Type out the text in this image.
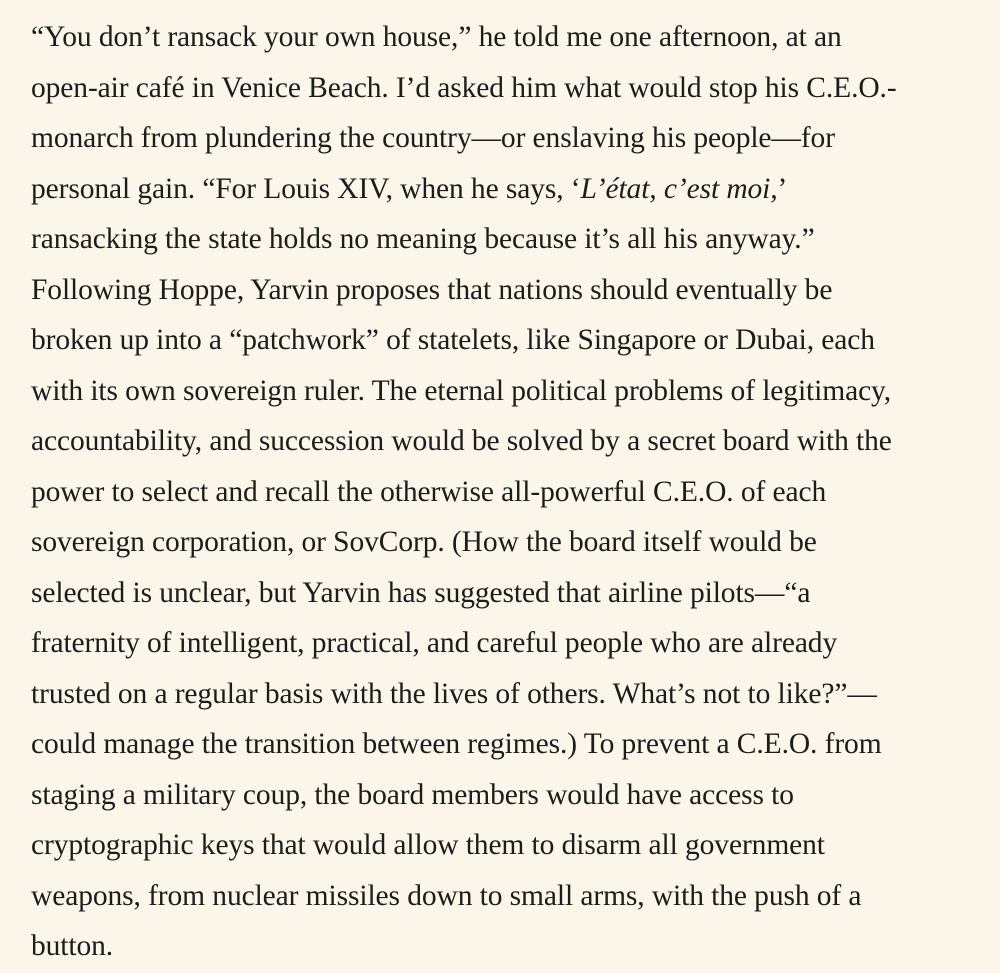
“You don’t ransack your own house,” he told me one afternoon, at an
open-air café in Venice Beach. I’d asked him what would stop his C.E.O.-
monarch from plundering the country—or enslaving his people—for
personal gain. “For Louis XIV, when he says, ‘L’état, c’est moi,’
ransacking the state holds no meaning because it’s all his anyway.”
Following Hoppe, Yarvin proposes that nations should eventually be
broken up into a “patchwork” of statelets, like Singapore or Dubai, each
with its own sovereign ruler. The eternal political problems of legitimacy,
accountability, and succession would be solved by a secret board with the
power to select and recall the otherwise all-powerful C.E.O. of each
sovereign corporation, or SovCorp. (How the board itself would be
selected is unclear, but Yarvin has suggested that airline pilots—“a
fraternity of intelligent, practical, and careful people who are already
trusted on a regular basis with the lives of others. What’s not to like?”—
could manage the transition between regimes.) To prevent a C.E.O. from
staging a military coup, the board members would have access to
cryptographic keys that would allow them to disarm all government
weapons, from nuclear missiles down to small arms, with the push of a
button.
